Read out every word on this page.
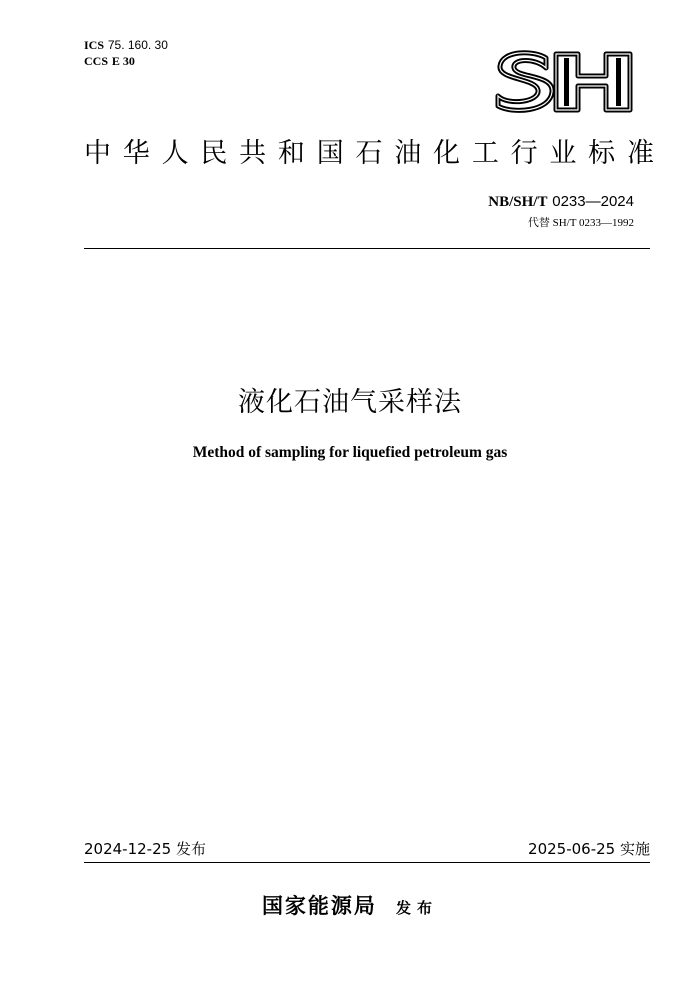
ICS 75. 160. 30
CCS E 30
中 华 人 民 共 和 国 石 油 化 工 行 业 标 准
NB/SH/T 0233—2024
代替 SH/T 0233—1992
液化石油气采样法
Method of sampling for liquefied petroleum gas
2024-12-25 发布	2025-06-25 实施
国家能源局 发布
